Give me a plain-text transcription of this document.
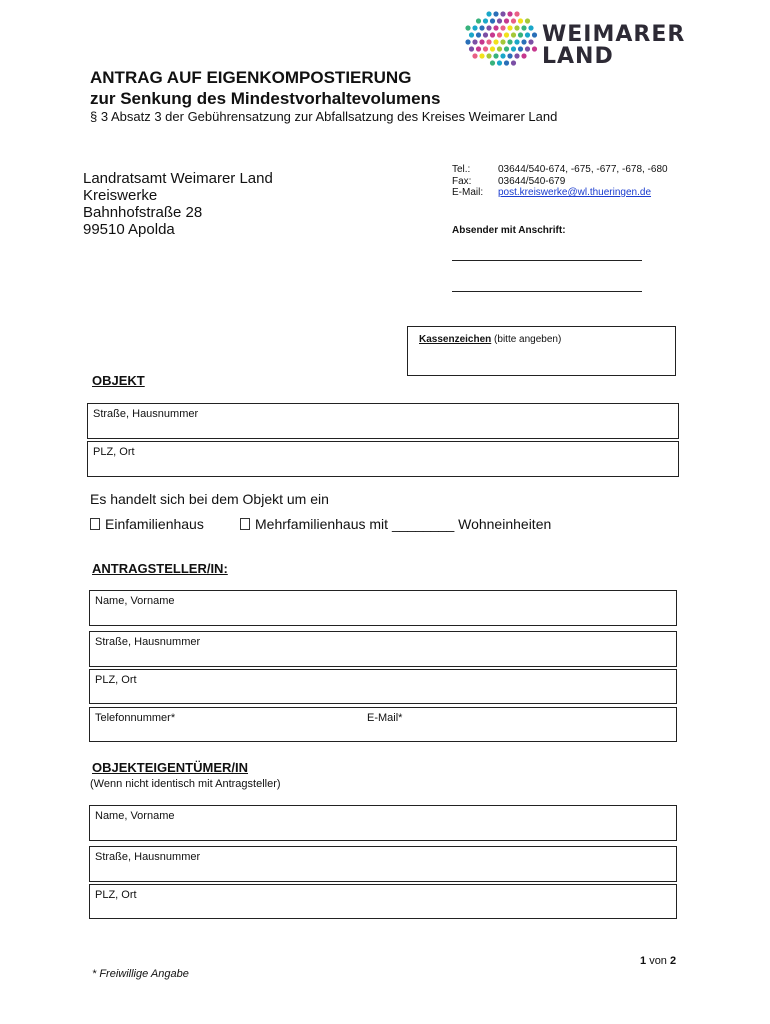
WEIMARER
LAND
ANTRAG AUF EIGENKOMPOSTIERUNG
zur Senkung des Mindestvorhaltevolumens
§ 3 Absatz 3 der Gebührensatzung zur Abfallsatzung des Kreises Weimarer Land
Landratsamt Weimarer Land
Kreiswerke
Bahnhofstraße 28
99510 Apolda
Tel.:	03644/540-674, -675, -677, -678, -680
Fax:	03644/540-679
E-Mail:	post.kreiswerke@wl.thueringen.de
Absender mit Anschrift:
Kassenzeichen (bitte angeben)
OBJEKT
Straße, Hausnummer
PLZ, Ort
Es handelt sich bei dem Objekt um ein
Einfamilienhaus	Mehrfamilienhaus mit ________ Wohneinheiten
ANTRAGSTELLER/IN:
Name, Vorname
Straße, Hausnummer
PLZ, Ort
Telefonnummer*	E-Mail*
OBJEKTEIGENTÜMER/IN
(Wenn nicht identisch mit Antragsteller)
Name, Vorname
Straße, Hausnummer
PLZ, Ort
1 von 2
* Freiwillige Angabe
